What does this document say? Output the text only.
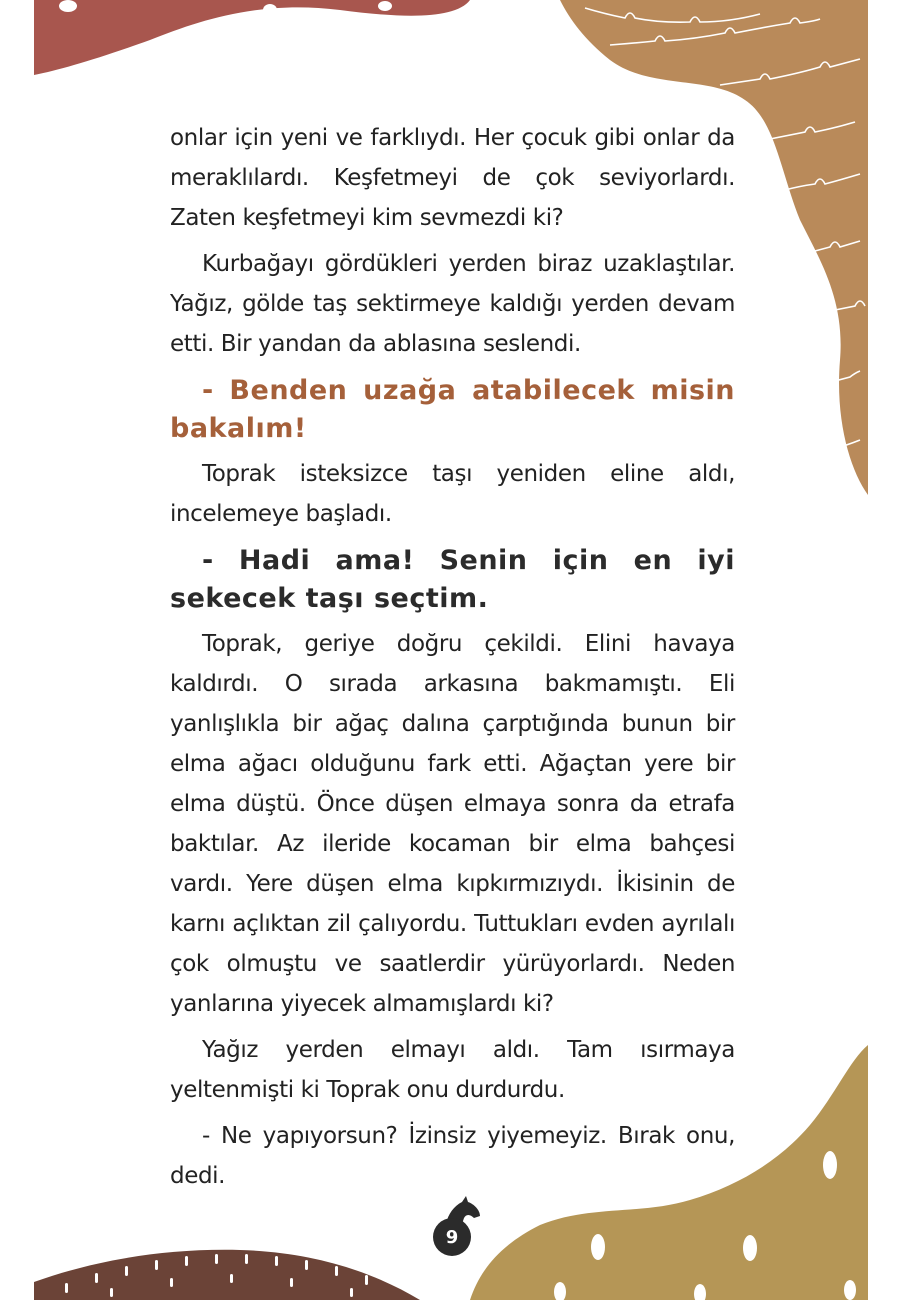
onlar için yeni ve farklıydı. Her çocuk gibi onlar da meraklılardı. Keşfetmeyi de çok seviyorlardı. Zaten keşfetmeyi kim sevmezdi ki?

Kurbağayı gördükleri yerden biraz uzaklaştılar. Yağız, gölde taş sektirmeye kaldığı yerden devam etti. Bir yandan da ablasına seslendi.

- Benden uzağa atabilecek misin bakalım!

Toprak isteksizce taşı yeniden eline aldı, incelemeye başladı.

- Hadi ama! Senin için en iyi sekecek taşı seçtim.

Toprak, geriye doğru çekildi. Elini havaya kaldırdı. O sırada arkasına bakmamıştı. Eli yanlışlıkla bir ağaç dalına çarptığında bunun bir elma ağacı olduğunu fark etti. Ağaçtan yere bir elma düştü. Önce düşen elmaya sonra da etrafa baktılar. Az ileride kocaman bir elma bahçesi vardı. Yere düşen elma kıpkırmızıydı. İkisinin de karnı açlıktan zil çalıyordu. Tuttukları evden ayrılalı çok olmuştu ve saatlerdir yürüyorlardı. Neden yanlarına yiyecek almamışlardı ki?

Yağız yerden elmayı aldı. Tam ısırmaya yeltenmişti ki Toprak onu durdurdu.

- Ne yapıyorsun? İzinsiz yiyemeyiz. Bırak onu, dedi.

9
